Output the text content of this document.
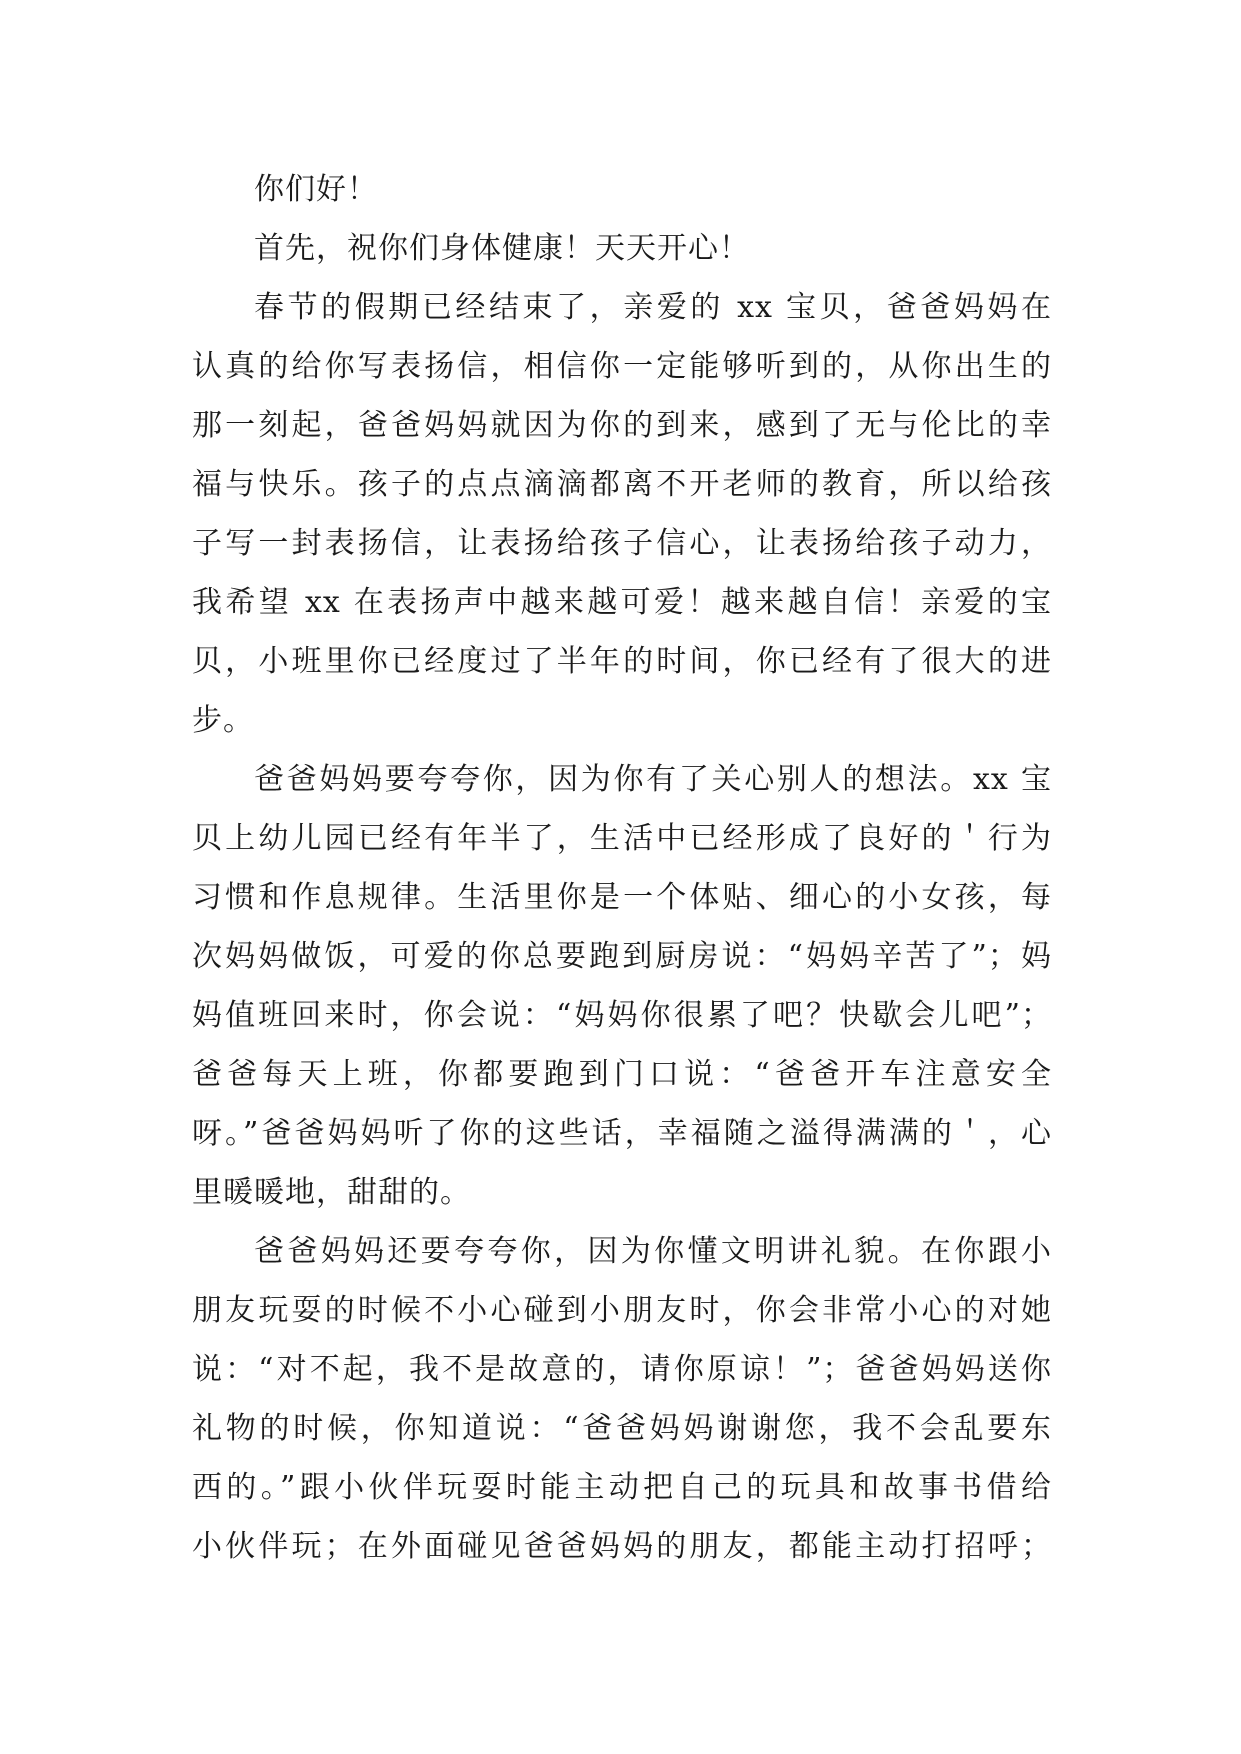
你们好！
首先，祝你们身体健康！天天开心！
春节的假期已经结束了，亲爱的 xx 宝贝，爸爸妈妈在
认真的给你写表扬信，相信你一定能够听到的，从你出生的
那一刻起，爸爸妈妈就因为你的到来，感到了无与伦比的幸
福与快乐。孩子的点点滴滴都离不开老师的教育，所以给孩
子写一封表扬信，让表扬给孩子信心，让表扬给孩子动力，
我希望 xx 在表扬声中越来越可爱！越来越自信！亲爱的宝
贝，小班里你已经度过了半年的时间，你已经有了很大的进
步。
爸爸妈妈要夸夸你，因为你有了关心别人的想法。xx 宝
贝上幼儿园已经有年半了，生活中已经形成了良好的＇行为
习惯和作息规律。生活里你是一个体贴、细心的小女孩，每
次妈妈做饭，可爱的你总要跑到厨房说：“妈妈辛苦了”；妈
妈值班回来时，你会说：“妈妈你很累了吧？快歇会儿吧”；
爸爸每天上班，你都要跑到门口说：“爸爸开车注意安全
呀。”爸爸妈妈听了你的这些话，幸福随之溢得满满的＇，心
里暖暖地，甜甜的。
爸爸妈妈还要夸夸你，因为你懂文明讲礼貌。在你跟小
朋友玩耍的时候不小心碰到小朋友时，你会非常小心的对她
说：“对不起，我不是故意的，请你原谅！”；爸爸妈妈送你
礼物的时候，你知道说：“爸爸妈妈谢谢您，我不会乱要东
西的。”跟小伙伴玩耍时能主动把自己的玩具和故事书借给
小伙伴玩；在外面碰见爸爸妈妈的朋友，都能主动打招呼；
